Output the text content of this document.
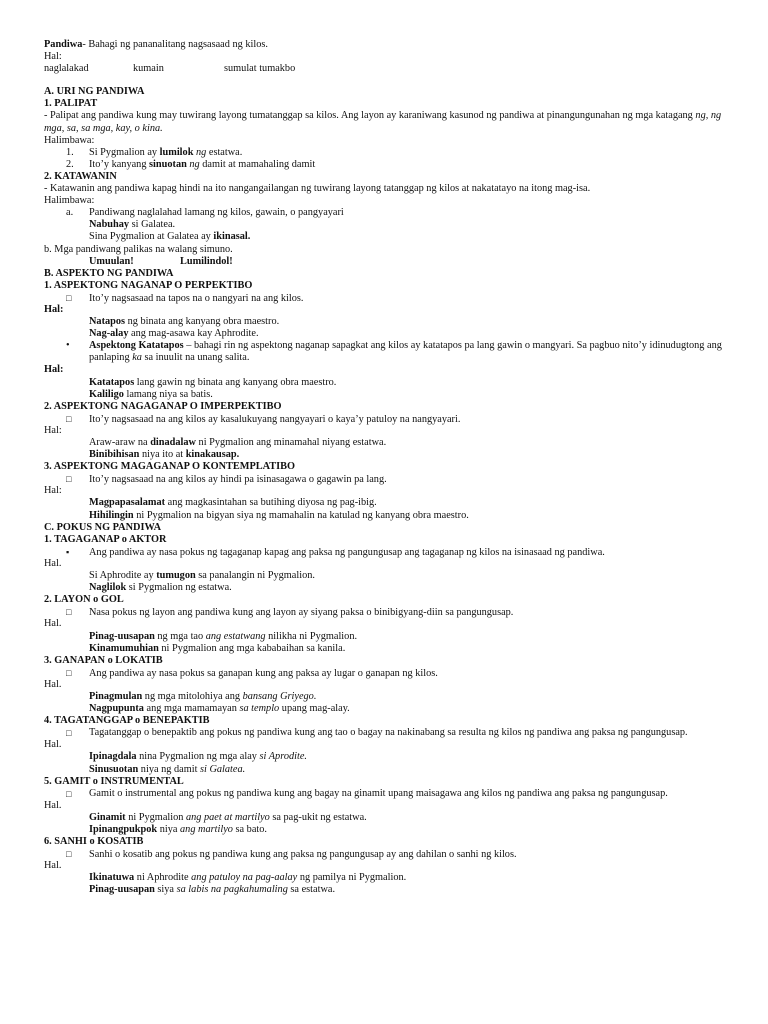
Pandiwa- Bahagi ng pananalitang nagsasaad ng kilos.
Hal:
naglalakad	kumain	sumulat tumakbo
A. URI NG PANDIWA
1. PALIPAT
- Palipat ang pandiwa kung may tuwirang layong tumatanggap sa kilos. Ang layon ay karaniwang kasunod ng pandiwa at pinangungunahan ng mga katagang ng, ng mga, sa, sa mga, kay, o kina.
Halimbawa:
1. Si Pygmalion ay lumilok ng estatwa.
2. Ito’y kanyang sinuotan ng damit at mamahaling damit
2. KATAWANIN
- Katawanin ang pandiwa kapag hindi na ito nangangailangan ng tuwirang layong tatanggap ng kilos at nakatatayo na itong mag-isa.
Halimbawa:
a. Pandiwang naglalahad lamang ng kilos, gawain, o pangyayari
Nabuhay si Galatea.
Sina Pygmalion at Galatea ay ikinasal.
b. Mga pandiwang palikas na walang simuno.
Umuulan!	Lumilindol!
B. ASPEKTO NG PANDIWA
1. ASPEKTONG NAGANAP O PERPEKTIBO
□ Ito’y nagsasaad na tapos na o nangyari na ang kilos.
Hal:
Natapos ng binata ang kanyang obra maestro.
Nag-alay ang mag-asawa kay Aphrodite.
• Aspektong Katatapos – bahagi rin ng aspektong naganap sapagkat ang kilos ay katatapos pa lang gawin o mangyari. Sa pagbuo nito’y idinudugtong ang panlaping ka sa inuulit na unang salita.
Hal:
Katatapos lang gawin ng binata ang kanyang obra maestro.
Kaliligo lamang niya sa batis.
2. ASPEKTONG NAGAGANAP O IMPERPEKTIBO
□ Ito’y nagsasaad na ang kilos ay kasalukuyang nangyayari o kaya’y patuloy na nangyayari.
Hal:
Araw-araw na dinadalaw ni Pygmalion ang minamahal niyang estatwa.
Binibihisan niya ito at kinakausap.
3. ASPEKTONG MAGAGANAP O KONTEMPLATIBO
□ Ito’y nagsasaad na ang kilos ay hindi pa isinasagawa o gagawin pa lang.
Hal:
Magpapasalamat ang magkasintahan sa butihing diyosa ng pag-ibig.
Hihilingin ni Pygmalion na bigyan siya ng mamahalin na katulad ng kanyang obra maestro.
C. POKUS NG PANDIWA
1. TAGAGANAP o AKTOR
▪ Ang pandiwa ay nasa pokus ng tagaganap kapag ang paksa ng pangungusap ang tagaganap ng kilos na isinasaad ng pandiwa.
Hal.
Si Aphrodite ay tumugon sa panalangin ni Pygmalion.
Naglilok si Pygmalion ng estatwa.
2. LAYON o GOL
□ Nasa pokus ng layon ang pandiwa kung ang layon ay siyang paksa o binibigyang-diin sa pangungusap.
Hal.
Pinag-uusapan ng mga tao ang estatwang nilikha ni Pygmalion.
Kinamumuhian ni Pygmalion ang mga kababaihan sa kanila.
3. GANAPAN o LOKATIB
□ Ang pandiwa ay nasa pokus sa ganapan kung ang paksa ay lugar o ganapan ng kilos.
Hal.
Pinagmulan ng mga mitolohiya ang bansang Griyego.
Nagpupunta ang mga mamamayan sa templo upang mag-alay.
4. TAGATANGGAP o BENEPAKTIB
□ Tagatanggap o benepaktib ang pokus ng pandiwa kung ang tao o bagay na nakinabang sa resulta ng kilos ng pandiwa ang paksa ng pangungusap.
Hal.
Ipinagdala nina Pygmalion ng mga alay si Aprodite.
Sinusuotan niya ng damit si Galatea.
5. GAMIT o INSTRUMENTAL
□ Gamit o instrumental ang pokus ng pandiwa kung ang bagay na ginamit upang maisagawa ang kilos ng pandiwa ang paksa ng pangungusap.
Hal.
Ginamit ni Pygmalion ang paet at martilyo sa pag-ukit ng estatwa.
Ipinangpukpok niya ang martilyo sa bato.
6. SANHI o KOSATIB
□ Sanhi o kosatib ang pokus ng pandiwa kung ang paksa ng pangungusap ay ang dahilan o sanhi ng kilos.
Hal.
Ikinatuwa ni Aphrodite ang patuloy na pag-aalay ng pamilya ni Pygmalion.
Pinag-uusapan siya sa labis na pagkahumaling sa estatwa.
